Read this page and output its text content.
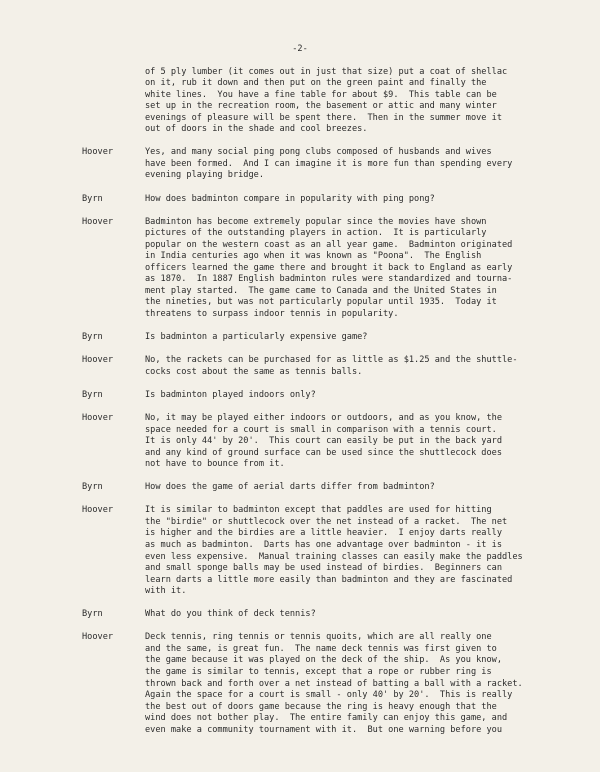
-2-
of 5 ply lumber (it comes out in just that size) put a coat of shellac
on it, rub it down and then put on the green paint and finally the
white lines.  You have a fine table for about $9.  This table can be
set up in the recreation room, the basement or attic and many winter
evenings of pleasure will be spent there.  Then in the summer move it
out of doors in the shade and cool breezes.
Hoover	Yes, and many social ping pong clubs composed of husbands and wives
have been formed.  And I can imagine it is more fun than spending every
evening playing bridge.
Byrn	How does badminton compare in popularity with ping pong?
Hoover	Badminton has become extremely popular since the movies have shown
pictures of the outstanding players in action.  It is particularly
popular on the western coast as an all year game.  Badminton originated
in India centuries ago when it was known as "Poona".  The English
officers learned the game there and brought it back to England as early
as 1870.  In 1887 English badminton rules were standardized and tourna-
ment play started.  The game came to Canada and the United States in
the nineties, but was not particularly popular until 1935.  Today it
threatens to surpass indoor tennis in popularity.
Byrn	Is badminton a particularly expensive game?
Hoover	No, the rackets can be purchased for as little as $1.25 and the shuttle-
cocks cost about the same as tennis balls.
Byrn	Is badminton played indoors only?
Hoover	No, it may be played either indoors or outdoors, and as you know, the
space needed for a court is small in comparison with a tennis court.
It is only 44' by 20'.  This court can easily be put in the back yard
and any kind of ground surface can be used since the shuttlecock does
not have to bounce from it.
Byrn	How does the game of aerial darts differ from badminton?
Hoover	It is similar to badminton except that paddles are used for hitting
the "birdie" or shuttlecock over the net instead of a racket.  The net
is higher and the birdies are a little heavier.  I enjoy darts really
as much as badminton.  Darts has one advantage over badminton - it is
even less expensive.  Manual training classes can easily make the paddles
and small sponge balls may be used instead of birdies.  Beginners can
learn darts a little more easily than badminton and they are fascinated
with it.
Byrn	What do you think of deck tennis?
Hoover	Deck tennis, ring tennis or tennis quoits, which are all really one
and the same, is great fun.  The name deck tennis was first given to
the game because it was played on the deck of the ship.  As you know,
the game is similar to tennis, except that a rope or rubber ring is
thrown back and forth over a net instead of batting a ball with a racket.
Again the space for a court is small - only 40' by 20'.  This is really
the best out of doors game because the ring is heavy enough that the
wind does not bother play.  The entire family can enjoy this game, and
even make a community tournament with it.  But one warning before you
